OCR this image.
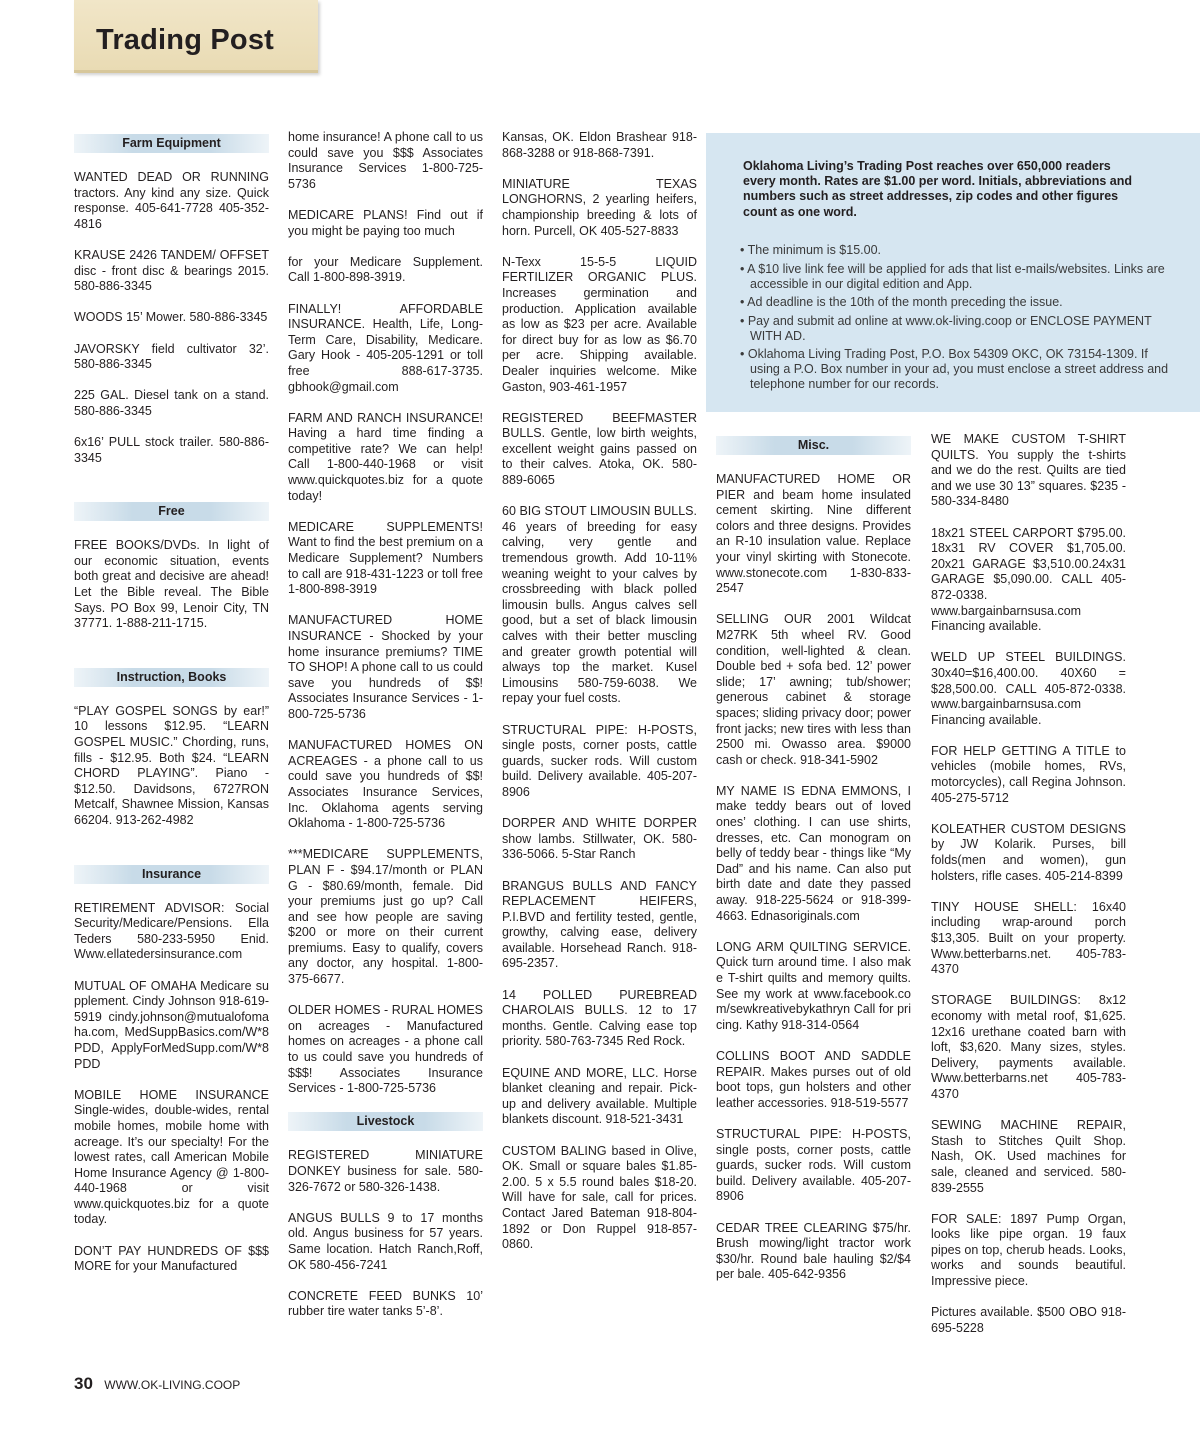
Trading Post
Farm Equipment

WANTED DEAD OR RUNNING tractors. Any kind any size. Quick response. 405-641-7728 405-352-4816

KRAUSE 2426 TANDEM/ OFFSET disc - front disc & bearings 2015. 580-886-3345

WOODS 15’ Mower. 580-886-3345

JAVORSKY field cultivator 32’. 580-886-3345

225 GAL. Diesel tank on a stand. 580-886-3345

6x16’ PULL stock trailer. 580-886-3345

Free

FREE BOOKS/DVDs. In light of our economic situation, events both great and decisive are ahead! Let the Bible reveal. The Bible Says. PO Box 99, Lenoir City, TN 37771. 1-888-211-1715.

Instruction, Books

“PLAY GOSPEL SONGS by ear!” 10 lessons $12.95. “LEARN GOSPEL MUSIC.” Chording, runs, fills - $12.95. Both $24. “LEARN CHORD PLAYING”. Piano - $12.50. Davidsons, 6727RON Metcalf, Shawnee Mission, Kansas 66204. 913-262-4982

Insurance

RETIREMENT ADVISOR: Social Security/Medicare/Pensions. Ella Teders 580-233-5950 Enid. Www.ellatedersinsurance.com

MUTUAL OF OMAHA Medicare supplement. Cindy Johnson 918-619-5919 cindy.johnson@mutualofomaha.com, MedSuppBasics.com/W*8PDD, ApplyForMedSupp.com/W*8PDD

MOBILE HOME INSURANCE Single-wides, double-wides, rental mobile homes, mobile home with acreage. It’s our specialty! For the lowest rates, call American Mobile Home Insurance Agency @ 1-800-440-1968 or visit www.quickquotes.biz for a quote today.

DON’T PAY HUNDREDS OF $$$ MORE for your Manufactured

home insurance! A phone call to us could save you $$$ Associates Insurance Services 1-800-725-5736

MEDICARE PLANS! Find out if you might be paying too much

for your Medicare Supplement. Call 1-800-898-3919.

FINALLY! AFFORDABLE INSURANCE. Health, Life, Long-Term Care, Disability, Medicare. Gary Hook - 405-205-1291 or toll free 888-617-3735. gbhook@gmail.com

FARM AND RANCH INSURANCE! Having a hard time finding a competitive rate? We can help! Call 1-800-440-1968 or visit www.quickquotes.biz for a quote today!

MEDICARE SUPPLEMENTS! Want to find the best premium on a Medicare Supplement? Numbers to call are 918-431-1223 or toll free 1-800-898-3919

MANUFACTURED HOME INSURANCE - Shocked by your home insurance premiums? TIME TO SHOP! A phone call to us could save you hundreds of $$! Associates Insurance Services - 1-800-725-5736

MANUFACTURED HOMES ON ACREAGES - a phone call to us could save you hundreds of $$! Associates Insurance Services, Inc. Oklahoma agents serving Oklahoma - 1-800-725-5736

***MEDICARE SUPPLEMENTS, PLAN F - $94.17/month or PLAN G - $80.69/month, female. Did your premiums just go up? Call and see how people are saving $200 or more on their current premiums. Easy to qualify, covers any doctor, any hospital. 1-800-375-6677.

OLDER HOMES - RURAL HOMES on acreages - Manufactured homes on acreages - a phone call to us could save you hundreds of $$$! Associates Insurance Services - 1-800-725-5736

Livestock

REGISTERED MINIATURE DONKEY business for sale. 580-326-7672 or 580-326-1438.

ANGUS BULLS 9 to 17 months old. Angus business for 57 years. Same location. Hatch Ranch,Roff, OK 580-456-7241

CONCRETE FEED BUNKS 10’ rubber tire water tanks 5’-8’.

Kansas, OK. Eldon Brashear 918- 868-3288 or 918-868-7391.

MINIATURE TEXAS LONGHORNS, 2 yearling heifers, championship breeding & lots of horn. Purcell, OK 405-527-8833

N-Texx 15-5-5 LIQUID FERTILIZER ORGANIC PLUS. Increases germination and production. Application available as low as $23 per acre. Available for direct buy for as low as $6.70 per acre. Shipping available. Dealer inquiries welcome. Mike Gaston, 903-461-1957

REGISTERED BEEFMASTER BULLS. Gentle, low birth weights, excellent weight gains passed on to their calves. Atoka, OK. 580-889-6065

60 BIG STOUT LIMOUSIN BULLS. 46 years of breeding for easy calving, very gentle and tremendous growth. Add 10-11% weaning weight to your calves by crossbreeding with black polled limousin bulls. Angus calves sell good, but a set of black limousin calves with their better muscling and greater growth potential will always top the market. Kusel Limousins 580-759-6038. We repay your fuel costs.

STRUCTURAL PIPE: H-POSTS, single posts, corner posts, cattle guards, sucker rods. Will custom build. Delivery available. 405-207-8906

DORPER AND WHITE DORPER show lambs. Stillwater, OK. 580-336-5066. 5-Star Ranch

BRANGUS BULLS AND FANCY REPLACEMENT HEIFERS, P.I.BVD and fertility tested, gentle, growthy, calving ease, delivery available. Horsehead Ranch. 918-695-2357.

14 POLLED PUREBREAD CHAROLAIS BULLS. 12 to 17 months. Gentle. Calving ease top priority. 580-763-7345 Red Rock.

EQUINE AND MORE, LLC. Horse blanket cleaning and repair. Pick-up and delivery available. Multiple blankets discount. 918-521-3431

CUSTOM BALING based in Olive, OK. Small or square bales $1.85-2.00. 5 x 5.5 round bales $18-20. Will have for sale, call for prices. Contact Jared Bateman 918-804-1892 or Don Ruppel 918-857-0860.

Oklahoma Living’s Trading Post reaches over 650,000 readers every month. Rates are $1.00 per word. Initials, abbreviations and numbers such as street addresses, zip codes and other figures count as one word.
• The minimum is $15.00.
• A $10 live link fee will be applied for ads that list e-mails/websites. Links are accessible in our digital edition and App.
• Ad deadline is the 10th of the month preceding the issue.
• Pay and submit ad online at www.ok-living.coop or ENCLOSE PAYMENT WITH AD.
• Oklahoma Living Trading Post, P.O. Box 54309 OKC, OK 73154-1309. If using a P.O. Box number in your ad, you must enclose a street address and telephone number for our records.
Misc.

MANUFACTURED HOME OR PIER and beam home insulated cement skirting. Nine different colors and three designs. Provides an R-10 insulation value. Replace your vinyl skirting with Stonecote. www.stonecote.com 1-830-833-2547

SELLING OUR 2001 Wildcat M27RK 5th wheel RV. Good condition, well-lighted & clean. Double bed + sofa bed. 12’ power slide; 17’ awning; tub/shower; generous cabinet & storage spaces; sliding privacy door; power front jacks; new tires with less than 2500 mi. Owasso area. $9000 cash or check. 918-341-5902

MY NAME IS EDNA EMMONS, I make teddy bears out of loved ones’ clothing. I can use shirts, dresses, etc. Can monogram on belly of teddy bear - things like “My Dad” and his name. Can also put birth date and date they passed away. 918-225-5624 or 918-399-4663. Ednasoriginals.com

LONG ARM QUILTING SERVICE. Quick turn around time. I also make T-shirt quilts and memory quilts. See my work at www.facebook.com/sewkreativebykathryn Call for pricing. Kathy 918-314-0564

COLLINS BOOT AND SADDLE REPAIR. Makes purses out of old boot tops, gun holsters and other leather accessories. 918-519-5577

STRUCTURAL PIPE: H-POSTS, single posts, corner posts, cattle guards, sucker rods. Will custom build. Delivery available. 405-207-8906

CEDAR TREE CLEARING $75/hr. Brush mowing/light tractor work $30/hr. Round bale hauling $2/$4 per bale. 405-642-9356

WE MAKE CUSTOM T-SHIRT QUILTS. You supply the t-shirts and we do the rest. Quilts are tied and we use 30 13” squares. $235 - 580-334-8480

18x21 STEEL CARPORT $795.00. 18x31 RV COVER $1,705.00. 20x21 GARAGE $3,510.00.24x31 GARAGE $5,090.00. CALL 405-872-0338. www.bargainbarnsusa.com Financing available.

WELD UP STEEL BUILDINGS. 30x40=$16,400.00. 40X60 = $28,500.00. CALL 405-872-0338. www.bargainbarnsusa.com Financing available.

FOR HELP GETTING A TITLE to vehicles (mobile homes, RVs, motorcycles), call Regina Johnson. 405-275-5712

KOLEATHER CUSTOM DESIGNS by JW Kolarik. Purses, bill folds(men and women), gun holsters, rifle cases. 405-214-8399

TINY HOUSE SHELL: 16x40 including wrap-around porch $13,305. Built on your property. Www.betterbarns.net. 405-783-4370

STORAGE BUILDINGS: 8x12 economy with metal roof, $1,625. 12x16 urethane coated barn with loft, $3,620. Many sizes, styles. Delivery, payments available. Www.betterbarns.net 405-783-4370

SEWING MACHINE REPAIR, Stash to Stitches Quilt Shop. Nash, OK. Used machines for sale, cleaned and serviced. 580-839-2555

FOR SALE: 1897 Pump Organ, looks like pipe organ. 19 faux pipes on top, cherub heads. Looks, works and sounds beautiful. Impressive piece.

Pictures available. $500 OBO 918-695-5228

30 WWW.OK-LIVING.COOP
